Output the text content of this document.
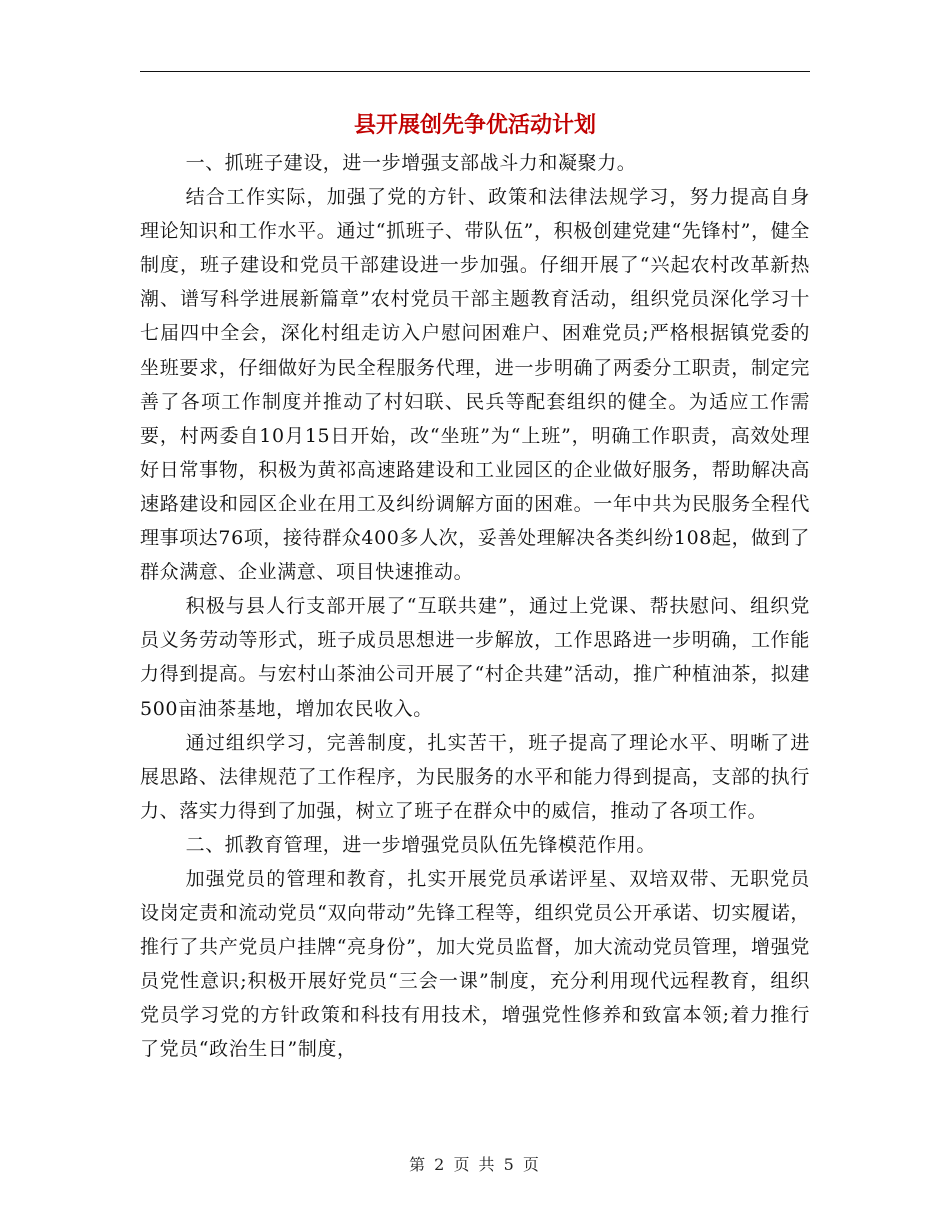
县开展创先争优活动计划

一、抓班子建设，进一步增强支部战斗力和凝聚力。

结合工作实际，加强了党的方针、政策和法律法规学习，努力提高自身理论知识和工作水平。通过“抓班子、带队伍”，积极创建党建“先锋村”，健全制度，班子建设和党员干部建设进一步加强。仔细开展了“兴起农村改革新热潮、谱写科学进展新篇章”农村党员干部主题教育活动，组织党员深化学习十七届四中全会，深化村组走访入户慰问困难户、困难党员;严格根据镇党委的坐班要求，仔细做好为民全程服务代理，进一步明确了两委分工职责，制定完善了各项工作制度并推动了村妇联、民兵等配套组织的健全。为适应工作需要，村两委自10月15日开始，改“坐班”为“上班”，明确工作职责，高效处理好日常事物，积极为黄祁高速路建设和工业园区的企业做好服务，帮助解决高速路建设和园区企业在用工及纠纷调解方面的困难。一年中共为民服务全程代理事项达76项，接待群众400多人次，妥善处理解决各类纠纷108起，做到了群众满意、企业满意、项目快速推动。

积极与县人行支部开展了“互联共建”，通过上党课、帮扶慰问、组织党员义务劳动等形式，班子成员思想进一步解放，工作思路进一步明确，工作能力得到提高。与宏村山茶油公司开展了“村企共建”活动，推广种植油茶，拟建500亩油茶基地，增加农民收入。

通过组织学习，完善制度，扎实苦干，班子提高了理论水平、明晰了进展思路、法律规范了工作程序，为民服务的水平和能力得到提高，支部的执行力、落实力得到了加强，树立了班子在群众中的威信，推动了各项工作。

二、抓教育管理，进一步增强党员队伍先锋模范作用。

加强党员的管理和教育，扎实开展党员承诺评星、双培双带、无职党员设岗定责和流动党员“双向带动”先锋工程等，组织党员公开承诺、切实履诺，推行了共产党员户挂牌“亮身份”，加大党员监督，加大流动党员管理，增强党员党性意识;积极开展好党员“三会一课”制度，充分利用现代远程教育，组织党员学习党的方针政策和科技有用技术，增强党性修养和致富本领;着力推行了党员“政治生日”制度，

第 2 页 共 5 页
